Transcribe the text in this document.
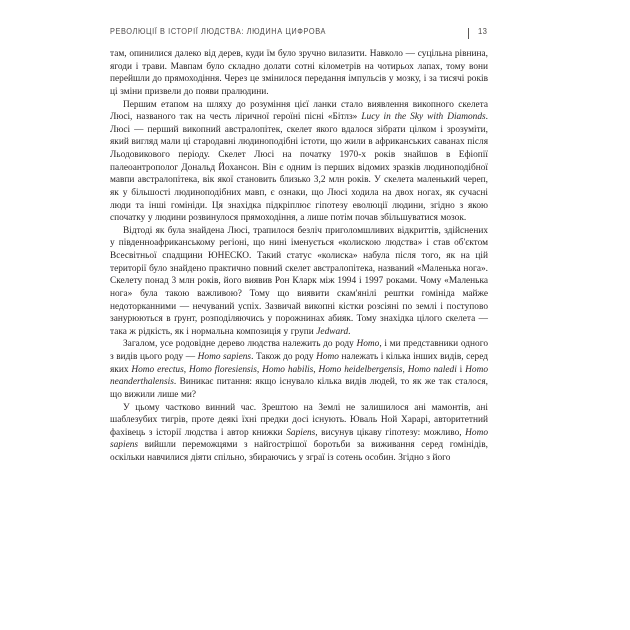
РЕВОЛЮЦІЇ В ІСТОРІЇ ЛЮДСТВА: ЛЮДИНА ЦИФРОВА	13

там, опинилися далеко від дерев, куди їм було зручно вилазити. Навколо — суцільна рівнина, ягоди і трави. Мавпам було складно долати сотні кілометрів на чотирьох лапах, тому вони перейшли до прямоходіння. Через це змінилося передання імпульсів у мозку, і за тисячі років ці зміни призвели до появи пралюдини.

Першим етапом на шляху до розуміння цієї ланки стало виявлення викопного скелета Люсі, названого так на честь ліричної героїні пісні «Бітлз» Lucy in the Sky with Diamonds. Люсі — перший викопний австралопітек, скелет якого вдалося зібрати цілком і зрозуміти, який вигляд мали ці стародавні людиноподібні істоти, що жили в африканських саванах після Льодовикового періоду. Скелет Люсі на початку 1970-х років знайшов в Ефіопії палеоантрополог Дональд Йохансон. Він є одним із перших відомих зразків людиноподібної мавпи австралопітека, вік якої становить близько 3,2 млн років. У скелета маленький череп, як у більшості людиноподібних мавп, є ознаки, що Люсі ходила на двох ногах, як сучасні люди та інші гомініди. Ця знахідка підкріплює гіпотезу еволюції людини, згідно з якою спочатку у людини розвинулося прямоходіння, а лише потім почав збільшуватися мозок.

Відтоді як була знайдена Люсі, трапилося безліч приголомшливих відкриттів, здійснених у південноафриканському регіоні, що нині іменується «колискою людства» і став об'єктом Всесвітньої спадщини ЮНЕСКО. Такий статус «колиска» набула після того, як на цій території було знайдено практично повний скелет австралопітека, названий «Маленька нога». Скелету понад 3 млн років, його виявив Рон Кларк між 1994 і 1997 роками. Чому «Маленька нога» була такою важливою? Тому що виявити скам'янілі рештки гомініда майже недоторканними — нечуваний успіх. Зазвичай викопні кістки розсіяні по землі і поступово занурюються в ґрунт, розподіляючись у порожнинах абияк. Тому знахідка цілого скелета — така ж рідкість, як і нормальна композиція у групи Jedward.

Загалом, усе родовідне дерево людства належить до роду Homo, і ми представники одного з видів цього роду — Homo sapiens. Також до роду Homo належать і кілька інших видів, серед яких Homo erectus, Homo floresiensis, Homo habilis, Homo heidelbergensis, Homo naledi і Homo neanderthalensis. Виникає питання: якщо існувало кілька видів людей, то як же так сталося, що вижили лише ми?

У цьому частково винний час. Зрештою на Землі не залишилося ані мамонтів, ані шаблезубих тигрів, проте деякі їхні предки досі існують. Юваль Ной Харарі, авторитетний фахівець з історії людства і автор книжки Sapiens, висунув цікаву гіпотезу: можливо, Homo sapiens вийшли переможцями з найгострішої боротьби за виживання серед гомінідів, оскільки навчилися діяти спільно, збираючись у зграї із сотень особин. Згідно з його
